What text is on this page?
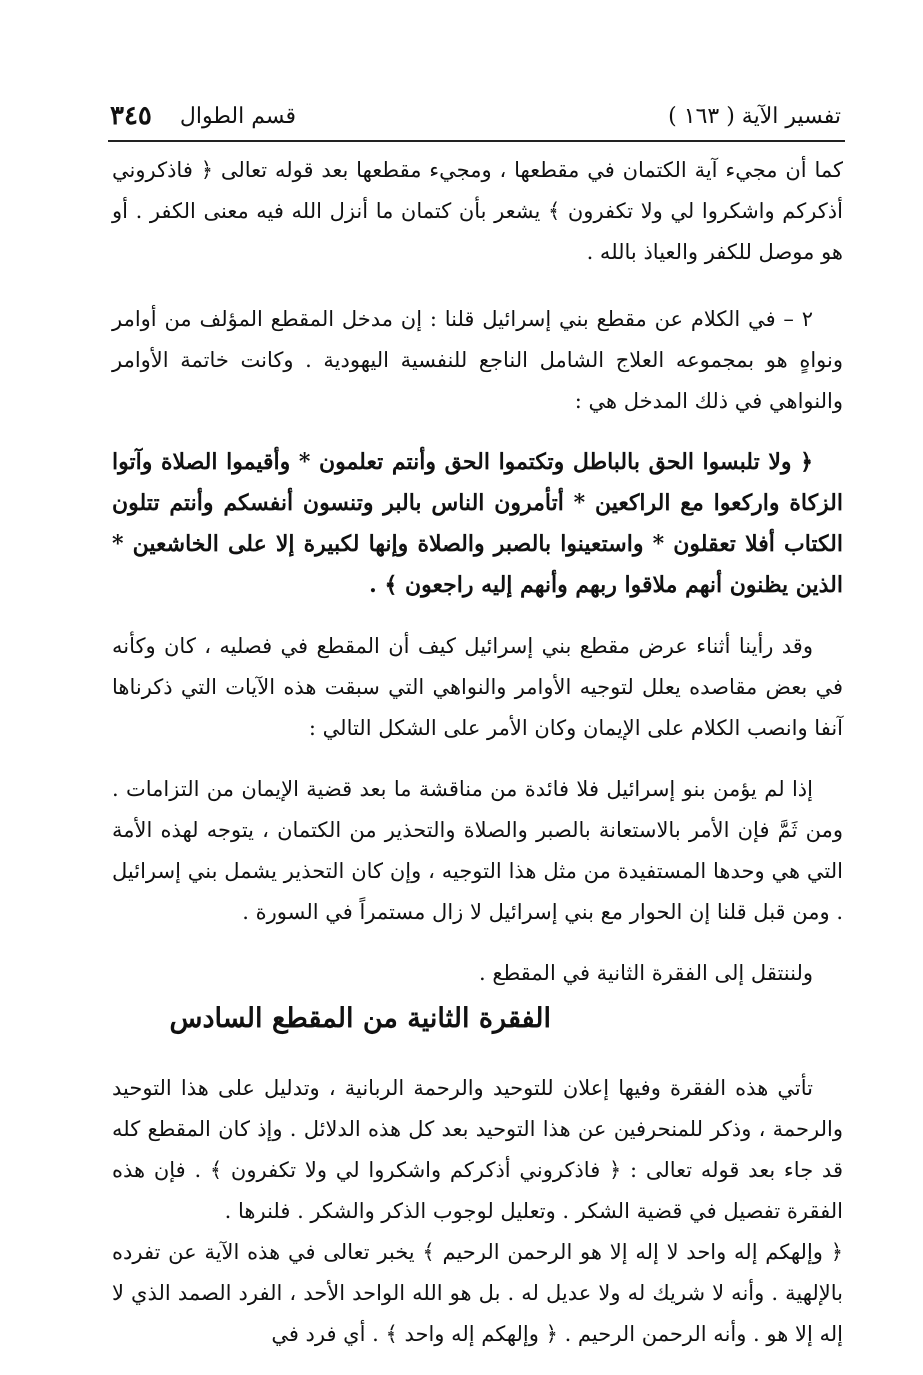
تفسير الآية ( ١٦٣ )
قسم الطوال
٣٤٥

كما أن مجيء آية الكتمان في مقطعها ، ومجيء مقطعها بعد قوله تعالى ﴿ فاذكروني أذكركم واشكروا لي ولا تكفرون ﴾ يشعر بأن كتمان ما أنزل الله فيه معنى الكفر . أو هو موصل للكفر والعياذ بالله .

٢ – في الكلام عن مقطع بني إسرائيل قلنا : إن مدخل المقطع المؤلف من أوامر ونواهٍ هو بمجموعه العلاج الشامل الناجع للنفسية اليهودية . وكانت خاتمة الأوامر والنواهي في ذلك المدخل هي :

﴿ ولا تلبسوا الحق بالباطل وتكتموا الحق وأنتم تعلمون * وأقيموا الصلاة وآتوا الزكاة واركعوا مع الراكعين * أتأمرون الناس بالبر وتنسون أنفسكم وأنتم تتلون الكتاب أفلا تعقلون * واستعينوا بالصبر والصلاة وإنها لكبيرة إلا على الخاشعين * الذين يظنون أنهم ملاقوا ربهم وأنهم إليه راجعون ﴾ .

وقد رأينا أثناء عرض مقطع بني إسرائيل كيف أن المقطع في فصليه ، كان وكأنه في بعض مقاصده يعلل لتوجيه الأوامر والنواهي التي سبقت هذه الآيات التي ذكرناها آنفا وانصب الكلام على الإيمان وكان الأمر على الشكل التالي :

إذا لم يؤمن بنو إسرائيل فلا فائدة من مناقشة ما بعد قضية الإيمان من التزامات . ومن ثَمَّ فإن الأمر بالاستعانة بالصبر والصلاة والتحذير من الكتمان ، يتوجه لهذه الأمة التي هي وحدها المستفيدة من مثل هذا التوجيه ، وإن كان التحذير يشمل بني إسرائيل . ومن قبل قلنا إن الحوار مع بني إسرائيل لا زال مستمراً في السورة .

ولننتقل إلى الفقرة الثانية في المقطع .

الفقرة الثانية من المقطع السادس

تأتي هذه الفقرة وفيها إعلان للتوحيد والرحمة الربانية ، وتدليل على هذا التوحيد والرحمة ، وذكر للمنحرفين عن هذا التوحيد بعد كل هذه الدلائل . وإذ كان المقطع كله قد جاء بعد قوله تعالى : ﴿ فاذكروني أذكركم واشكروا لي ولا تكفرون ﴾ . فإن هذه الفقرة تفصيل في قضية الشكر . وتعليل لوجوب الذكر والشكر . فلنرها .

﴿ وإلهكم إله واحد لا إله إلا هو الرحمن الرحيم ﴾ يخبر تعالى في هذه الآية عن تفرده بالإلهية . وأنه لا شريك له ولا عديل له . بل هو الله الواحد الأحد ، الفرد الصمد الذي لا إله إلا هو . وأنه الرحمن الرحيم . ﴿ وإلهكم إله واحد ﴾ . أي فرد في
